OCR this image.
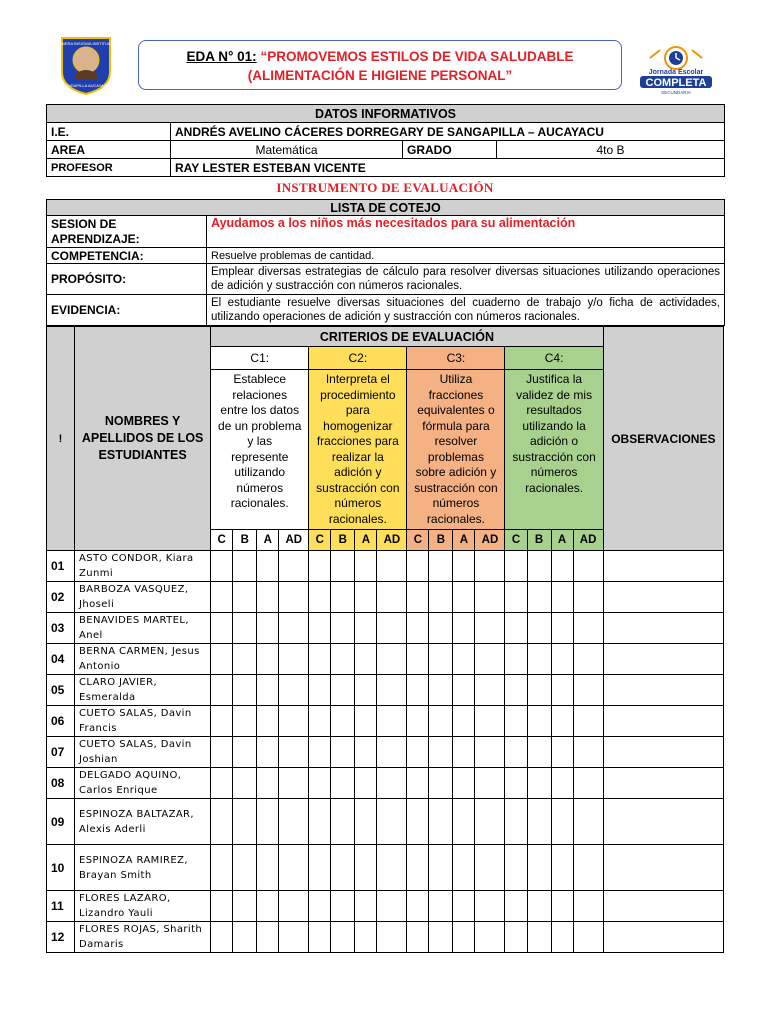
LA PRIMERA INSIGNIA INSTITUCIONAL
SANGAPILLA AUCAYACU
EDA N° 01: “PROMOVEMOS ESTILOS DE VIDA SALUDABLE (ALIMENTACIÓN E HIGIENE PERSONAL”	Jornada Escolar
COMPLETA
SECUNDARIA
DATOS INFORMATIVOS			
I.E.	ANDRÉS AVELINO CÁCERES DORREGARY DE SANGAPILLA – AUCAYACU		
AREA	Matemática	GRADO	4to B
PROFESOR	RAY LESTER ESTEBAN VICENTE		
INSTRUMENTO DE EVALUACIÓN
LISTA DE COTEJO	
SESION DE APRENDIZAJE:	Ayudamos a los niños más necesitados para su alimentación
COMPETENCIA:	Resuelve problemas de cantidad.
PROPÓSITO:	Emplear diversas estrategias de cálculo para resolver diversas situaciones utilizando operaciones de adición y sustracción con números racionales.
EVIDENCIA:	El estudiante resuelve diversas situaciones del cuaderno de trabajo y/o ficha de actividades, utilizando operaciones de adición y sustracción con números racionales.
!	NOMBRES Y APELLIDOS DE LOS ESTUDIANTES	CRITERIOS DE EVALUACIÓN																OBSERVACIONES
		C1:				C2:				C3:				C4:				
		Establece relaciones entre los datos de un problema y las represente utilizando números racionales.				Interpreta el procedimiento para homogenizar fracciones para realizar la adición y sustracción con números racionales.				Utiliza fracciones equivalentes o fórmula para resolver problemas sobre adición y sustracción con números racionales.				Justifica la validez de mis resultados utilizando la adición o sustracción con números racionales.				
		C	B	A	AD	C	B	A	AD	C	B	A	AD	C	B	A	AD	
01	ASTO CONDOR, Kiara Zunmi																	
02	BARBOZA VASQUEZ, Jhoseli																	
03	BENAVIDES MARTEL, Anel																	
04	BERNA CARMEN, Jesus Antonio																	
05	CLARO JAVIER, Esmeralda																	
06	CUETO SALAS, Davin Francis																	
07	CUETO SALAS, Davin Joshian																	
08	DELGADO AQUINO, Carlos Enrique																	
09	ESPINOZA BALTAZAR, Alexis Aderli																	
10	ESPINOZA RAMIREZ, Brayan Smith																	
11	FLORES LAZARO, Lizandro Yauli																	
12	FLORES ROJAS, Sharith Damaris																	
